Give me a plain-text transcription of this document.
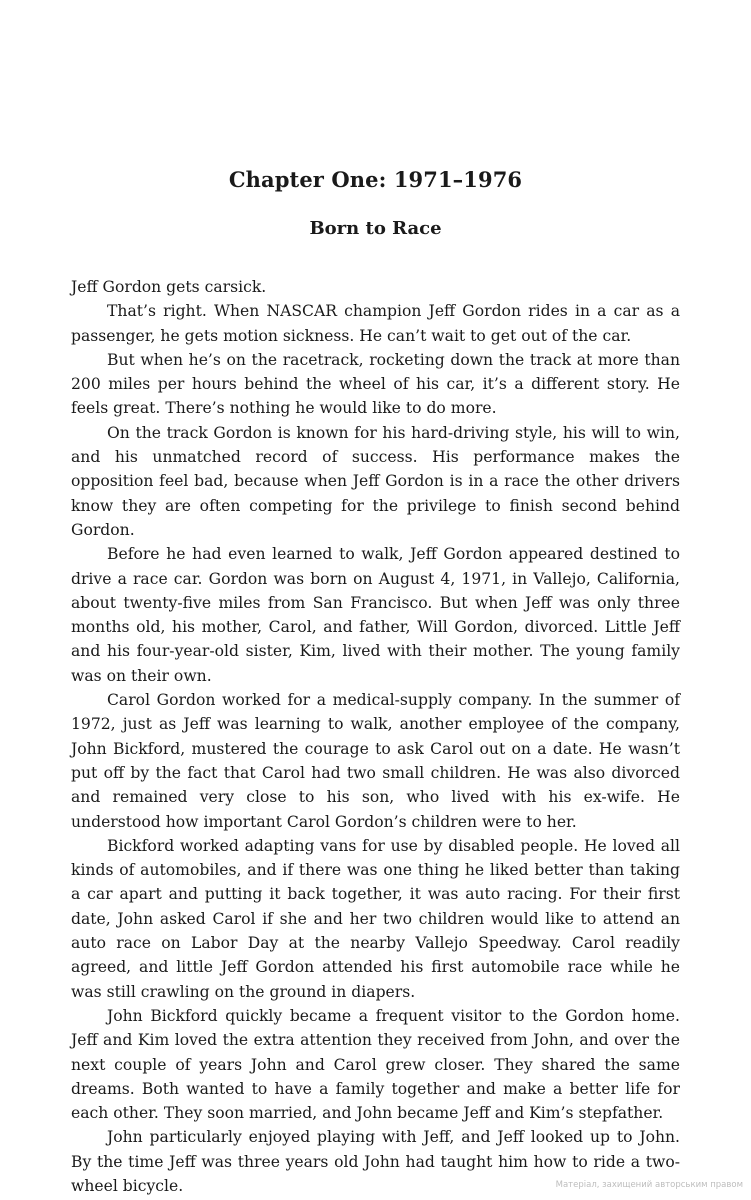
Chapter One: 1971–1976
Born to Race

Jeff Gordon gets carsick.

That’s right. When NASCAR champion Jeff Gordon rides in a car as a passenger, he gets motion sickness. He can’t wait to get out of the car.

But when he’s on the racetrack, rocketing down the track at more than 200 miles per hours behind the wheel of his car, it’s a different story. He feels great. There’s nothing he would like to do more.

On the track Gordon is known for his hard-driving style, his will to win, and his unmatched record of success. His performance makes the opposition feel bad, because when Jeff Gordon is in a race the other drivers know they are often competing for the privilege to finish second behind Gordon.

Before he had even learned to walk, Jeff Gordon appeared destined to drive a race car. Gordon was born on August 4, 1971, in Vallejo, California, about twenty-five miles from San Francisco. But when Jeff was only three months old, his mother, Carol, and father, Will Gordon, divorced. Little Jeff and his four-year-old sister, Kim, lived with their mother. The young family was on their own.

Carol Gordon worked for a medical-supply company. In the summer of 1972, just as Jeff was learning to walk, another employee of the company, John Bickford, mustered the courage to ask Carol out on a date. He wasn’t put off by the fact that Carol had two small children. He was also divorced and remained very close to his son, who lived with his ex-wife. He understood how important Carol Gordon’s children were to her.

Bickford worked adapting vans for use by disabled people. He loved all kinds of automobiles, and if there was one thing he liked better than taking a car apart and putting it back together, it was auto racing. For their first date, John asked Carol if she and her two children would like to attend an auto race on Labor Day at the nearby Vallejo Speedway. Carol readily agreed, and little Jeff Gordon attended his first automobile race while he was still crawling on the ground in diapers.

John Bickford quickly became a frequent visitor to the Gordon home. Jeff and Kim loved the extra attention they received from John, and over the next couple of years John and Carol grew closer. They shared the same dreams. Both wanted to have a family together and make a better life for each other. They soon married, and John became Jeff and Kim’s stepfather.

John particularly enjoyed playing with Jeff, and Jeff looked up to John. By the time Jeff was three years old John had taught him how to ride a two-wheel bicycle.	Матеріал, захищений авторським правом
